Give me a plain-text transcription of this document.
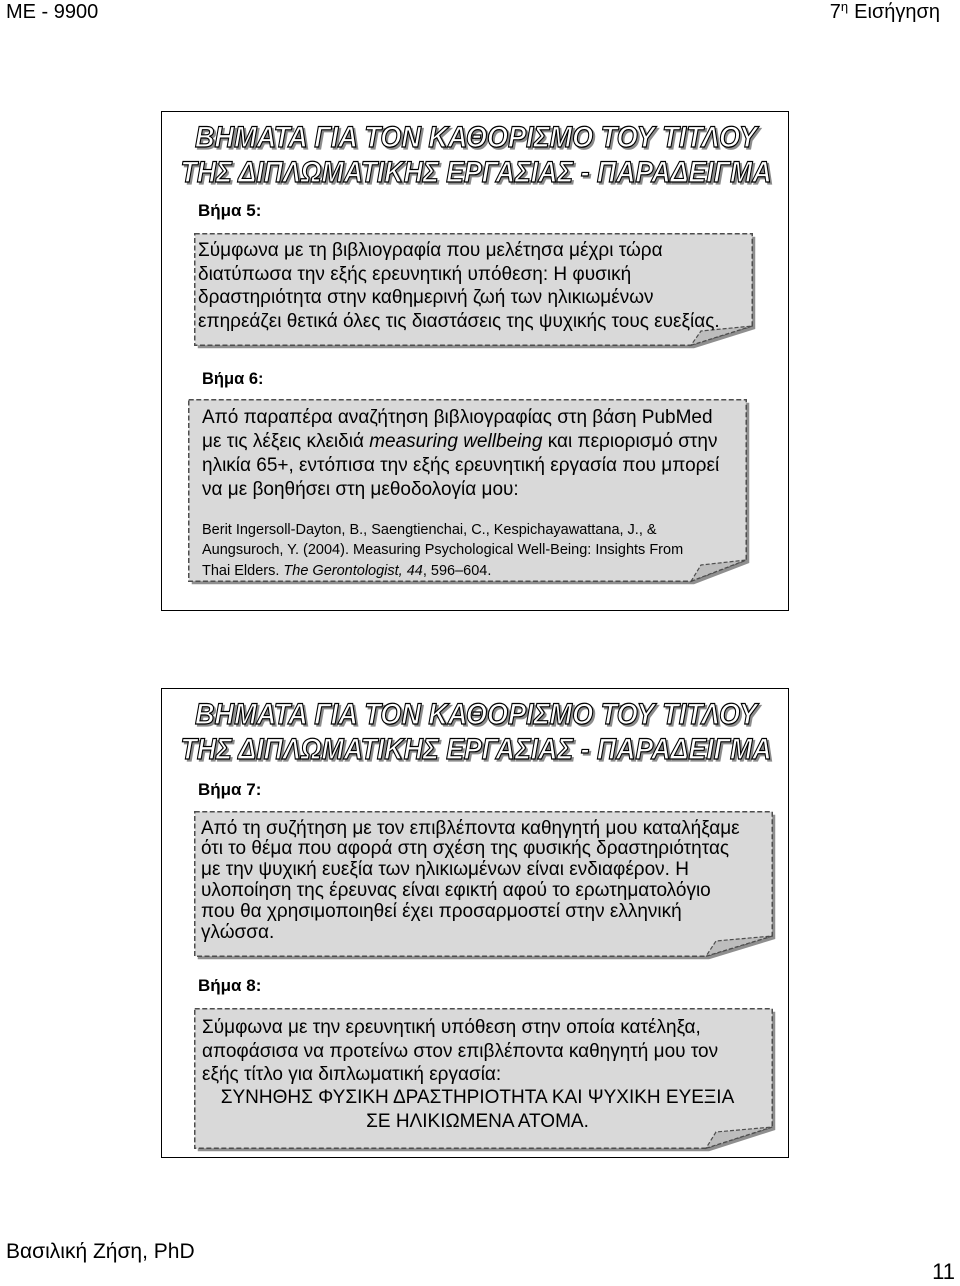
ME - 9900	$7^\eta$ Εισήγηση
ΒΗΜΑΤΑ ΓΙΑ ΤΟΝ ΚΑΘΟΡΙΣΜΟ ΤΟΥ ΤΙΤΛΟΥ
ΤΗΣ ΔΙΠΛΩΜΑΤΙΚΗΣ ΕΡΓΑΣΙΑΣ - ΠΑΡΑΔΕΙΓΜΑ
Βήμα 5:
Σύμφωνα με τη βιβλιογραφία που μελέτησα μέχρι τώρα
διατύπωσα την εξής ερευνητική υπόθεση: Η φυσική
δραστηριότητα στην καθημερινή ζωή των ηλικιωμένων
επηρεάζει θετικά όλες τις διαστάσεις της ψυχικής τους ευεξίας.
Βήμα 6:
Από παραπέρα αναζήτηση βιβλιογραφίας στη βάση PubMed
με τις λέξεις κλειδιά measuring wellbeing και περιορισμό στην
ηλικία 65+, εντόπισα την εξής ερευνητική εργασία που μπορεί
να με βοηθήσει στη μεθοδολογία μου:
Berit Ingersoll-Dayton, B., Saengtienchai, C., Kespichayawattana, J., &
Aungsuroch, Y. (2004). Measuring Psychological Well-Being: Insights From
Thai Elders. The Gerontologist, 44, 596–604.
ΒΗΜΑΤΑ ΓΙΑ ΤΟΝ ΚΑΘΟΡΙΣΜΟ ΤΟΥ ΤΙΤΛΟΥ
ΤΗΣ ΔΙΠΛΩΜΑΤΙΚΗΣ ΕΡΓΑΣΙΑΣ - ΠΑΡΑΔΕΙΓΜΑ
Βήμα 7:
Από τη συζήτηση με τον επιβλέποντα καθηγητή μου καταλήξαμε
ότι το θέμα που αφορά στη σχέση της φυσικής δραστηριότητας
με την ψυχική ευεξία των ηλικιωμένων είναι ενδιαφέρον. Η
υλοποίηση της έρευνας είναι εφικτή αφού το ερωτηματολόγιο
που θα χρησιμοποιηθεί έχει προσαρμοστεί στην ελληνική
γλώσσα.
Βήμα 8:
Σύμφωνα με την ερευνητική υπόθεση στην οποία κατέληξα,
αποφάσισα να προτείνω στον επιβλέποντα καθηγητή μου τον
εξής τίτλο για διπλωματική εργασία:
ΣΥΝΗΘΗΣ ΦΥΣΙΚΗ ΔΡΑΣΤΗΡΙΟΤΗΤΑ ΚΑΙ ΨΥΧΙΚΗ ΕΥΕΞΙΑ
ΣΕ ΗΛΙΚΙΩΜΕΝΑ ΑΤΟΜΑ.
Βασιλική Ζήση, PhD
11
